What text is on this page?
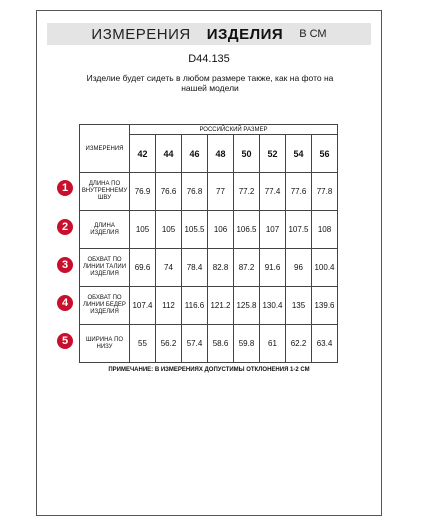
ИЗМЕРЕНИЯ ИЗДЕЛИЯ В СМ
D44.135
Изделие будет сидеть в любом размере также, как на фото на нашей модели
ИЗМЕРЕНИЯ	РОССИЙСКИЙ РАЗМЕР							
	42	44	46	48	50	52	54	56
ДЛИНА ПО ВНУТРЕННЕМУ ШВУ	76.9	76.6	76.8	77	77.2	77.4	77.6	77.8
ДЛИНА ИЗДЕЛИЯ	105	105	105.5	106	106.5	107	107.5	108
ОБХВАТ ПО ЛИНИИ ТАЛИИ ИЗДЕЛИЯ	69.6	74	78.4	82.8	87.2	91.6	96	100.4
ОБХВАТ ПО ЛИНИИ БЕДЕР ИЗДЕЛИЯ	107.4	112	116.6	121.2	125.8	130.4	135	139.6
ШИРИНА ПО НИЗУ	55	56.2	57.4	58.6	59.8	61	62.2	63.4
1
2
3
4
5
ПРИМЕЧАНИЕ: В ИЗМЕРЕНИЯХ ДОПУСТИМЫ ОТКЛОНЕНИЯ 1-2 СМ
